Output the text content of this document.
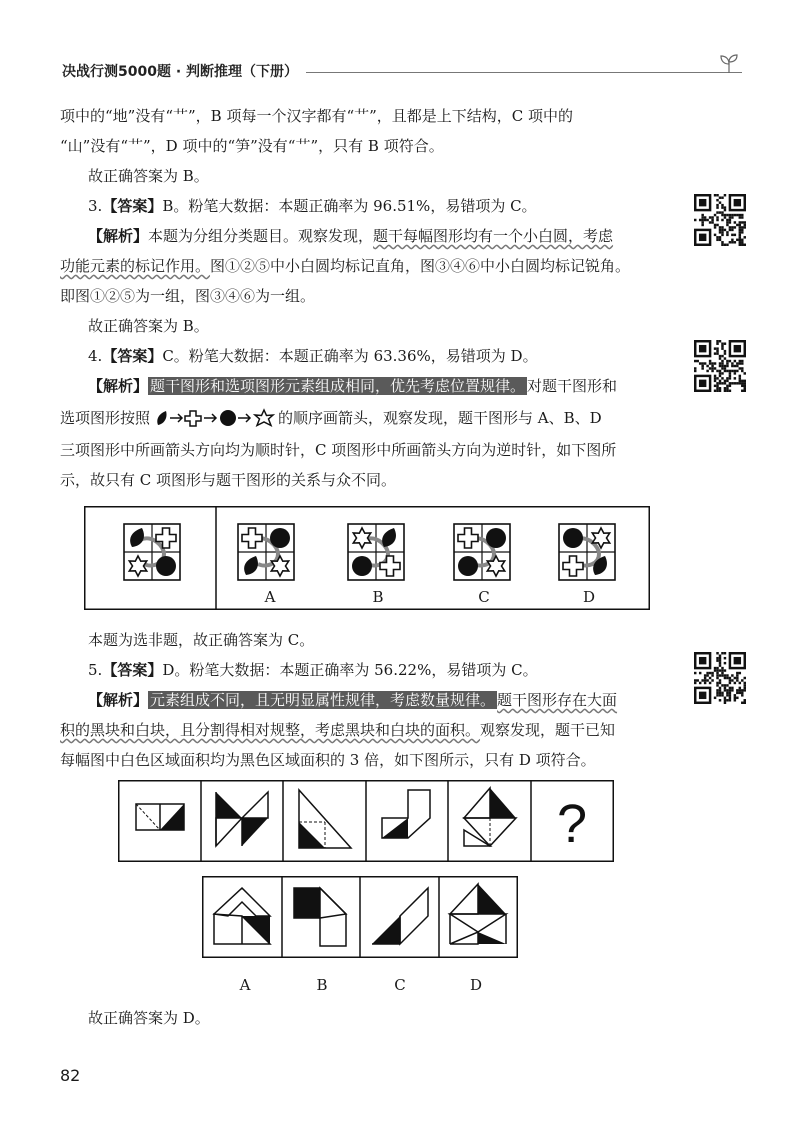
决战行测5000题 · 判断推理（下册）
项中的“地”没有“⺾”，B 项每一个汉字都有“⺾”，且都是上下结构，C 项中的
“山”没有“⺾”，D 项中的“笋”没有“⺾”，只有 B 项符合。
故正确答案为 B。
3.【答案】B。粉笔大数据：本题正确率为 96.51%，易错项为 C。
【解析】本题为分组分类题目。观察发现，题干每幅图形均有一个小白圆，考虑
功能元素的标记作用。图①②⑤中小白圆均标记直角，图③④⑥中小白圆均标记锐角。
即图①②⑤为一组，图③④⑥为一组。
故正确答案为 B。
4.【答案】C。粉笔大数据：本题正确率为 63.36%，易错项为 D。
【解析】 题干图形和选项图形元素组成相同，优先考虑位置规律。 对题干图形和
选项图形按照	的顺序画箭头，观察发现，题干图形与 A、B、D
三项图形中所画箭头方向均为顺时针，C 项图形中所画箭头方向为逆时针，如下图所
示，故只有 C 项图形与题干图形的关系与众不同。
A	B	C	D
本题为选非题，故正确答案为 C。
5.【答案】D。粉笔大数据：本题正确率为 56.22%，易错项为 C。
【解析】 元素组成不同，且无明显属性规律，考虑数量规律。 题干图形存在大面
积的黑块和白块，且分割得相对规整，考虑黑块和白块的面积。观察发现，题干已知
每幅图中白色区域面积均为黑色区域面积的 3 倍，如下图所示，只有 D 项符合。
?
A	B	C	D
故正确答案为 D。
82
